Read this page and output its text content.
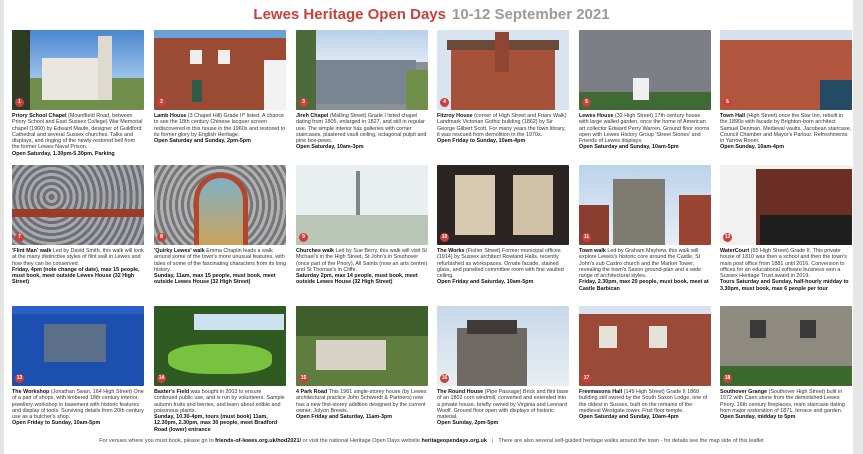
Lewes Heritage Open Days 10-12 September 2021
1
Priory School Chapel (Mountfield Road, between Priory School and East Sussex College) War Memorial chapel (1960) by Edward Maufe, designer of Guildford Cathedral and several Sussex churches. Talks and displays, and ringing of the newly-restored bell from the former Lewes Naval Prison.
Open Saturday, 1.30pm-5.30pm. Parking
2
Lamb House (3 Chapel Hill) Grade II* listed. A chance to see the 18th century Chinese lacquer screen rediscovered in this house in the 1960s and restored to its former glory by English Heritage.
Open Saturday and Sunday, 2pm-5pm
3
Jireh Chapel (Malling Street) Grade I listed chapel dating from 1805, enlarged in 1827, and still in regular use. The simple interior has galleries with corner staircases, plastered vault ceiling, octagonal pulpit and pine box-pews.
Open Saturday, 10am-3pm
4
Fitzroy House (corner of High Street and Friars Walk) Landmark Victorian Gothic building (1862) by Sir George Gilbert Scott. For many years the town library, it was rescued from demolition in the 1970s.
Open Friday to Sunday, 10am-4pm
5
Lewes House (32 High Street) 17th century house with large walled garden, once the home of American art collector Edward Perry Warren. Ground floor rooms open with Lewes History Group 'Street Stories' and Friends of Lewes displays.
Open Saturday and Sunday, 10am-5pm
6
Town Hall (High Street) once the Star Inn, rebuilt in the 1890s with facade by Brighton-born architect Samuel Denman. Medieval vaults, Jacobean staircase, Council Chamber and Mayor's Parlour. Refreshments in Yarrow Room.
Open Sunday, 10am-4pm
7
'Flint Man' walk Led by David Smith, this walk will look at the many distinctive styles of flint wall in Lewes and how they can be conserved.
Friday, 4pm (note change of date), max 15 people, must book, meet outside Lewes House (32 High Street)
8
'Quirky Lewes' walk Emma Chaplin leads a walk around some of the town's more unusual features, with tales of some of the fascinating characters from its long history.
Sunday, 11am, max 15 people, must book, meet outside Lewes House (32 High Street)
9
Churches walk Led by Sue Berry, this walk will visit St Michael's in the High Street, St John's in Southover (once part of the Priory), All Saints (now an arts centre) and St Thomas's in Cliffe.
Saturday 2pm, max 14 people, must book, meet outside Lewes House (32 High Street)
10
The Works (Fisher Street) Former municipal offices (1914) by Sussex architect Rowland Halls, recently refurbished as workspaces. Ornate facade, stained glass, and panelled committee room with fine vaulted ceiling.
Open Friday and Saturday, 10am-5pm
11
Town walk Led by Graham Mayhew, this walk will explore Lewes's historic core around the Castle, St John's sub Castro church and the Market Tower, revealing the town's Saxon ground-plan and a wide range of architectural styles.
Friday, 2.30pm, max 20 people, must book, meet at Castle Barbican
12
WaterCourt (65 High Street) Grade II. This private house of 1810 was then a school and then the town's main post office from 1881 until 2016. Conversion to offices for an educational software business won a Sussex Heritage Trust award in 2019.
Tours Saturday and Sunday, half-hourly midday to 3.30pm, must book, max 6 people per tour
13
The Workshop (Jonathan Swan, 164 High Street) One of a pair of shops, with timbered 18th century interior, jewellery workshop in basement with historic features and display of tools. Surviving details from 20th century use as a butcher's shop.
Open Friday to Sunday, 10am-5pm
14
Baxter's Field was bought in 2003 to ensure continued public use, and is run by volunteers. Sample autumn fruits and berries, and learn about edible and poisonous plants.
Sunday, 10.30-4pm, tours (must book) 11am, 12.30pm, 2.30pm, max 30 people, meet Bradford Road (lower) entrance
15
4 Park Road This 1961 single-storey house (by Lewes architectural practice John Schwerdt & Partners) now has a new first-storey addition designed by the current owner, Jolyon Brewis.
Open Friday and Saturday, 11am-3pm
16
The Round House (Pipe Passage) Brick and flint base of an 1802 corn windmill, converted and extended into a private house, briefly owned by Virginia and Leonard Woolf. Ground floor open with displays of historic material.
Open Sunday, 2pm-5pm
17
Freemasons Hall (149 High Street) Grade II 1868 building still owned by the South Saxon Lodge, one of the oldest in Sussex, built on the remains of the medieval Westgate tower. First floor temple.
Open Saturday and Sunday, 10am-4pm
18
Southover Grange (Southover High Street) built in 1572 with Caen stone from the demolished Lewes Priory. 16th century fireplaces, main staircase dating from major restoration of 1871, terrace and garden.
Open Sunday, midday to 5pm
For venues where you must book, please go to friends-of-lewes.org.uk/hod2021/ or visit the national Heritage Open Days website heritageopendays.org.uk | There are also several self-guided heritage walks around the town - for details see the map side of this leaflet
